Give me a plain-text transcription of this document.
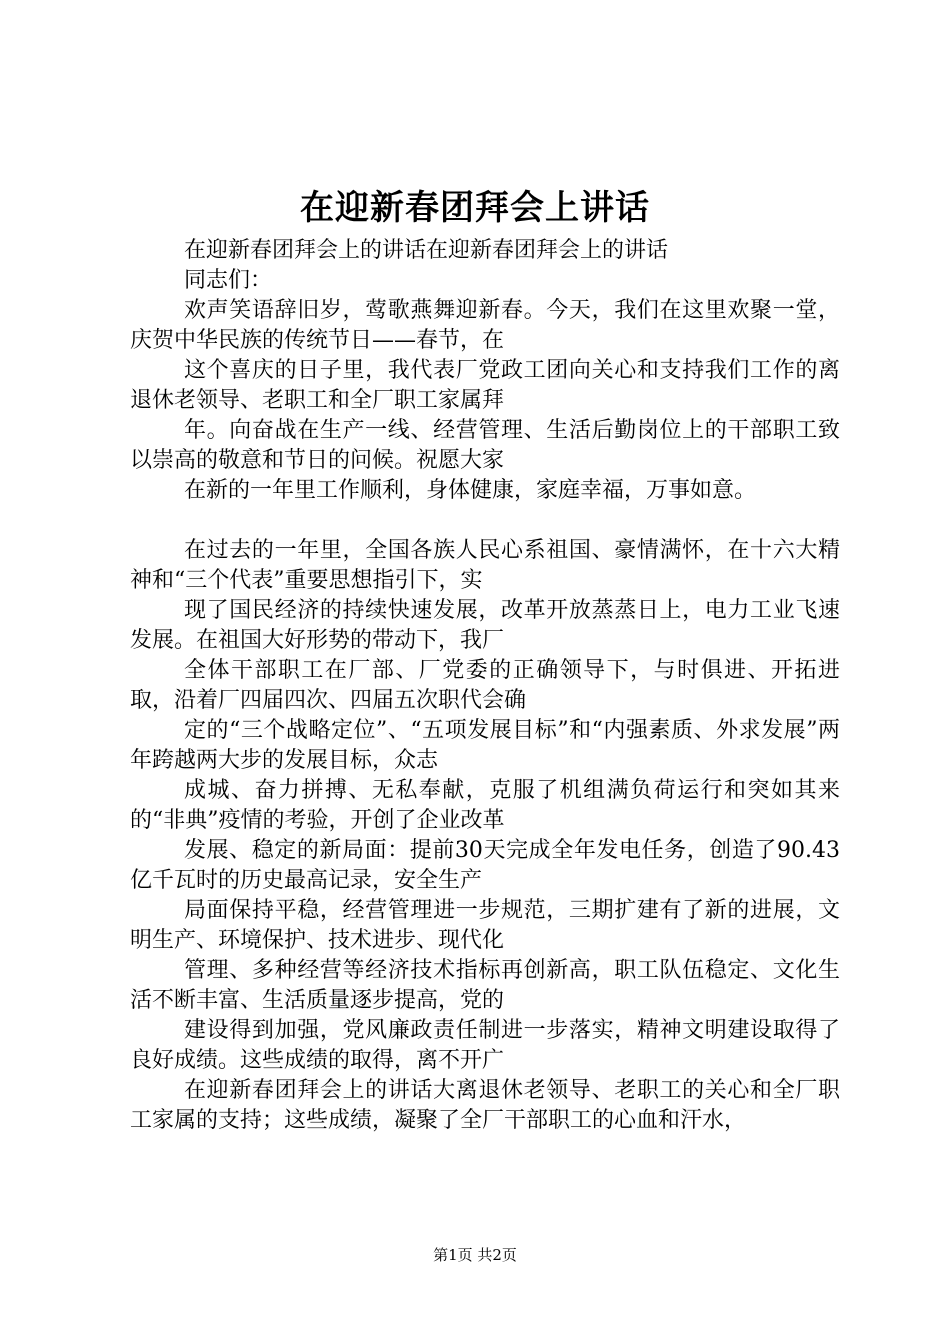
在迎新春团拜会上讲话

在迎新春团拜会上的讲话在迎新春团拜会上的讲话

同志们：

欢声笑语辞旧岁，莺歌燕舞迎新春。今天，我们在这里欢聚一堂，庆贺中华民族的传统节日——春节，在

这个喜庆的日子里，我代表厂党政工团向关心和支持我们工作的离退休老领导、老职工和全厂职工家属拜

年。向奋战在生产一线、经营管理、生活后勤岗位上的干部职工致以崇高的敬意和节日的问候。祝愿大家

在新的一年里工作顺利，身体健康，家庭幸福，万事如意。

在过去的一年里，全国各族人民心系祖国、豪情满怀，在十六大精神和“三个代表”重要思想指引下，实

现了国民经济的持续快速发展，改革开放蒸蒸日上，电力工业飞速发展。在祖国大好形势的带动下，我厂

全体干部职工在厂部、厂党委的正确领导下，与时俱进、开拓进取，沿着厂四届四次、四届五次职代会确

定的“三个战略定位”、“五项发展目标”和“内强素质、外求发展”两年跨越两大步的发展目标，众志

成城、奋力拼搏、无私奉献，克服了机组满负荷运行和突如其来的“非典”疫情的考验，开创了企业改革

发展、稳定的新局面：提前30天完成全年发电任务，创造了90.43亿千瓦时的历史最高记录，安全生产

局面保持平稳，经营管理进一步规范，三期扩建有了新的进展，文明生产、环境保护、技术进步、现代化

管理、多种经营等经济技术指标再创新高，职工队伍稳定、文化生活不断丰富、生活质量逐步提高，党的

建设得到加强，党风廉政责任制进一步落实，精神文明建设取得了良好成绩。这些成绩的取得，离不开广

在迎新春团拜会上的讲话大离退休老领导、老职工的关心和全厂职工家属的支持；这些成绩，凝聚了全厂干部职工的心血和汗水，

第1页 共2页
